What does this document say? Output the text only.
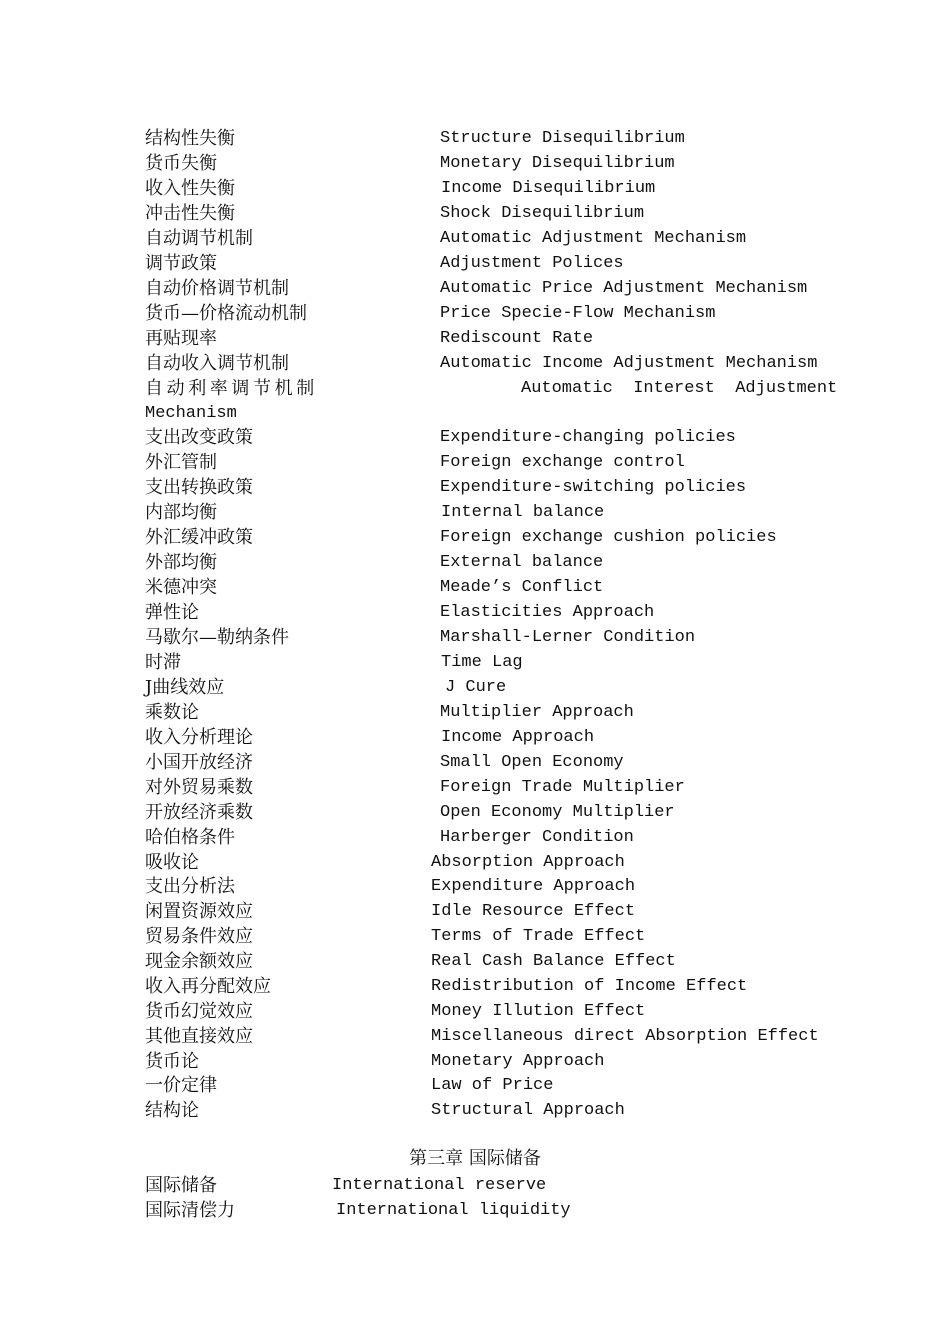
结构性失衡	Structure Disequilibrium
货币失衡	Monetary Disequilibrium
收入性失衡	Income Disequilibrium
冲击性失衡	Shock Disequilibrium
自动调节机制	Automatic Adjustment Mechanism
调节政策	Adjustment Polices
自动价格调节机制	Automatic Price Adjustment Mechanism
货币—价格流动机制	Price Specie-Flow Mechanism
再贴现率	Rediscount Rate
自动收入调节机制	Automatic Income Adjustment Mechanism
自动利率调节机制	Automatic  Interest  Adjustment
Mechanism
支出改变政策	Expenditure-changing policies
外汇管制	Foreign exchange control
支出转换政策	Expenditure-switching policies
内部均衡	Internal balance
外汇缓冲政策	Foreign exchange cushion policies
外部均衡	External balance
米德冲突	Meade’s Conflict
弹性论	Elasticities Approach
马歇尔—勒纳条件	Marshall-Lerner Condition
时滞	Time Lag
J曲线效应	J Cure
乘数论	Multiplier Approach
收入分析理论	Income Approach
小国开放经济	Small Open Economy
对外贸易乘数	Foreign Trade Multiplier
开放经济乘数	Open Economy Multiplier
哈伯格条件	Harberger Condition
吸收论	Absorption Approach
支出分析法	Expenditure Approach
闲置资源效应	Idle Resource Effect
贸易条件效应	Terms of Trade Effect
现金余额效应	Real Cash Balance Effect
收入再分配效应	Redistribution of Income Effect
货币幻觉效应	Money Illution Effect
其他直接效应	Miscellaneous direct Absorption Effect
货币论	Monetary Approach
一价定律	Law of Price
结构论	Structural Approach
第三章 国际储备
国际储备	International reserve
国际清偿力	International liquidity
